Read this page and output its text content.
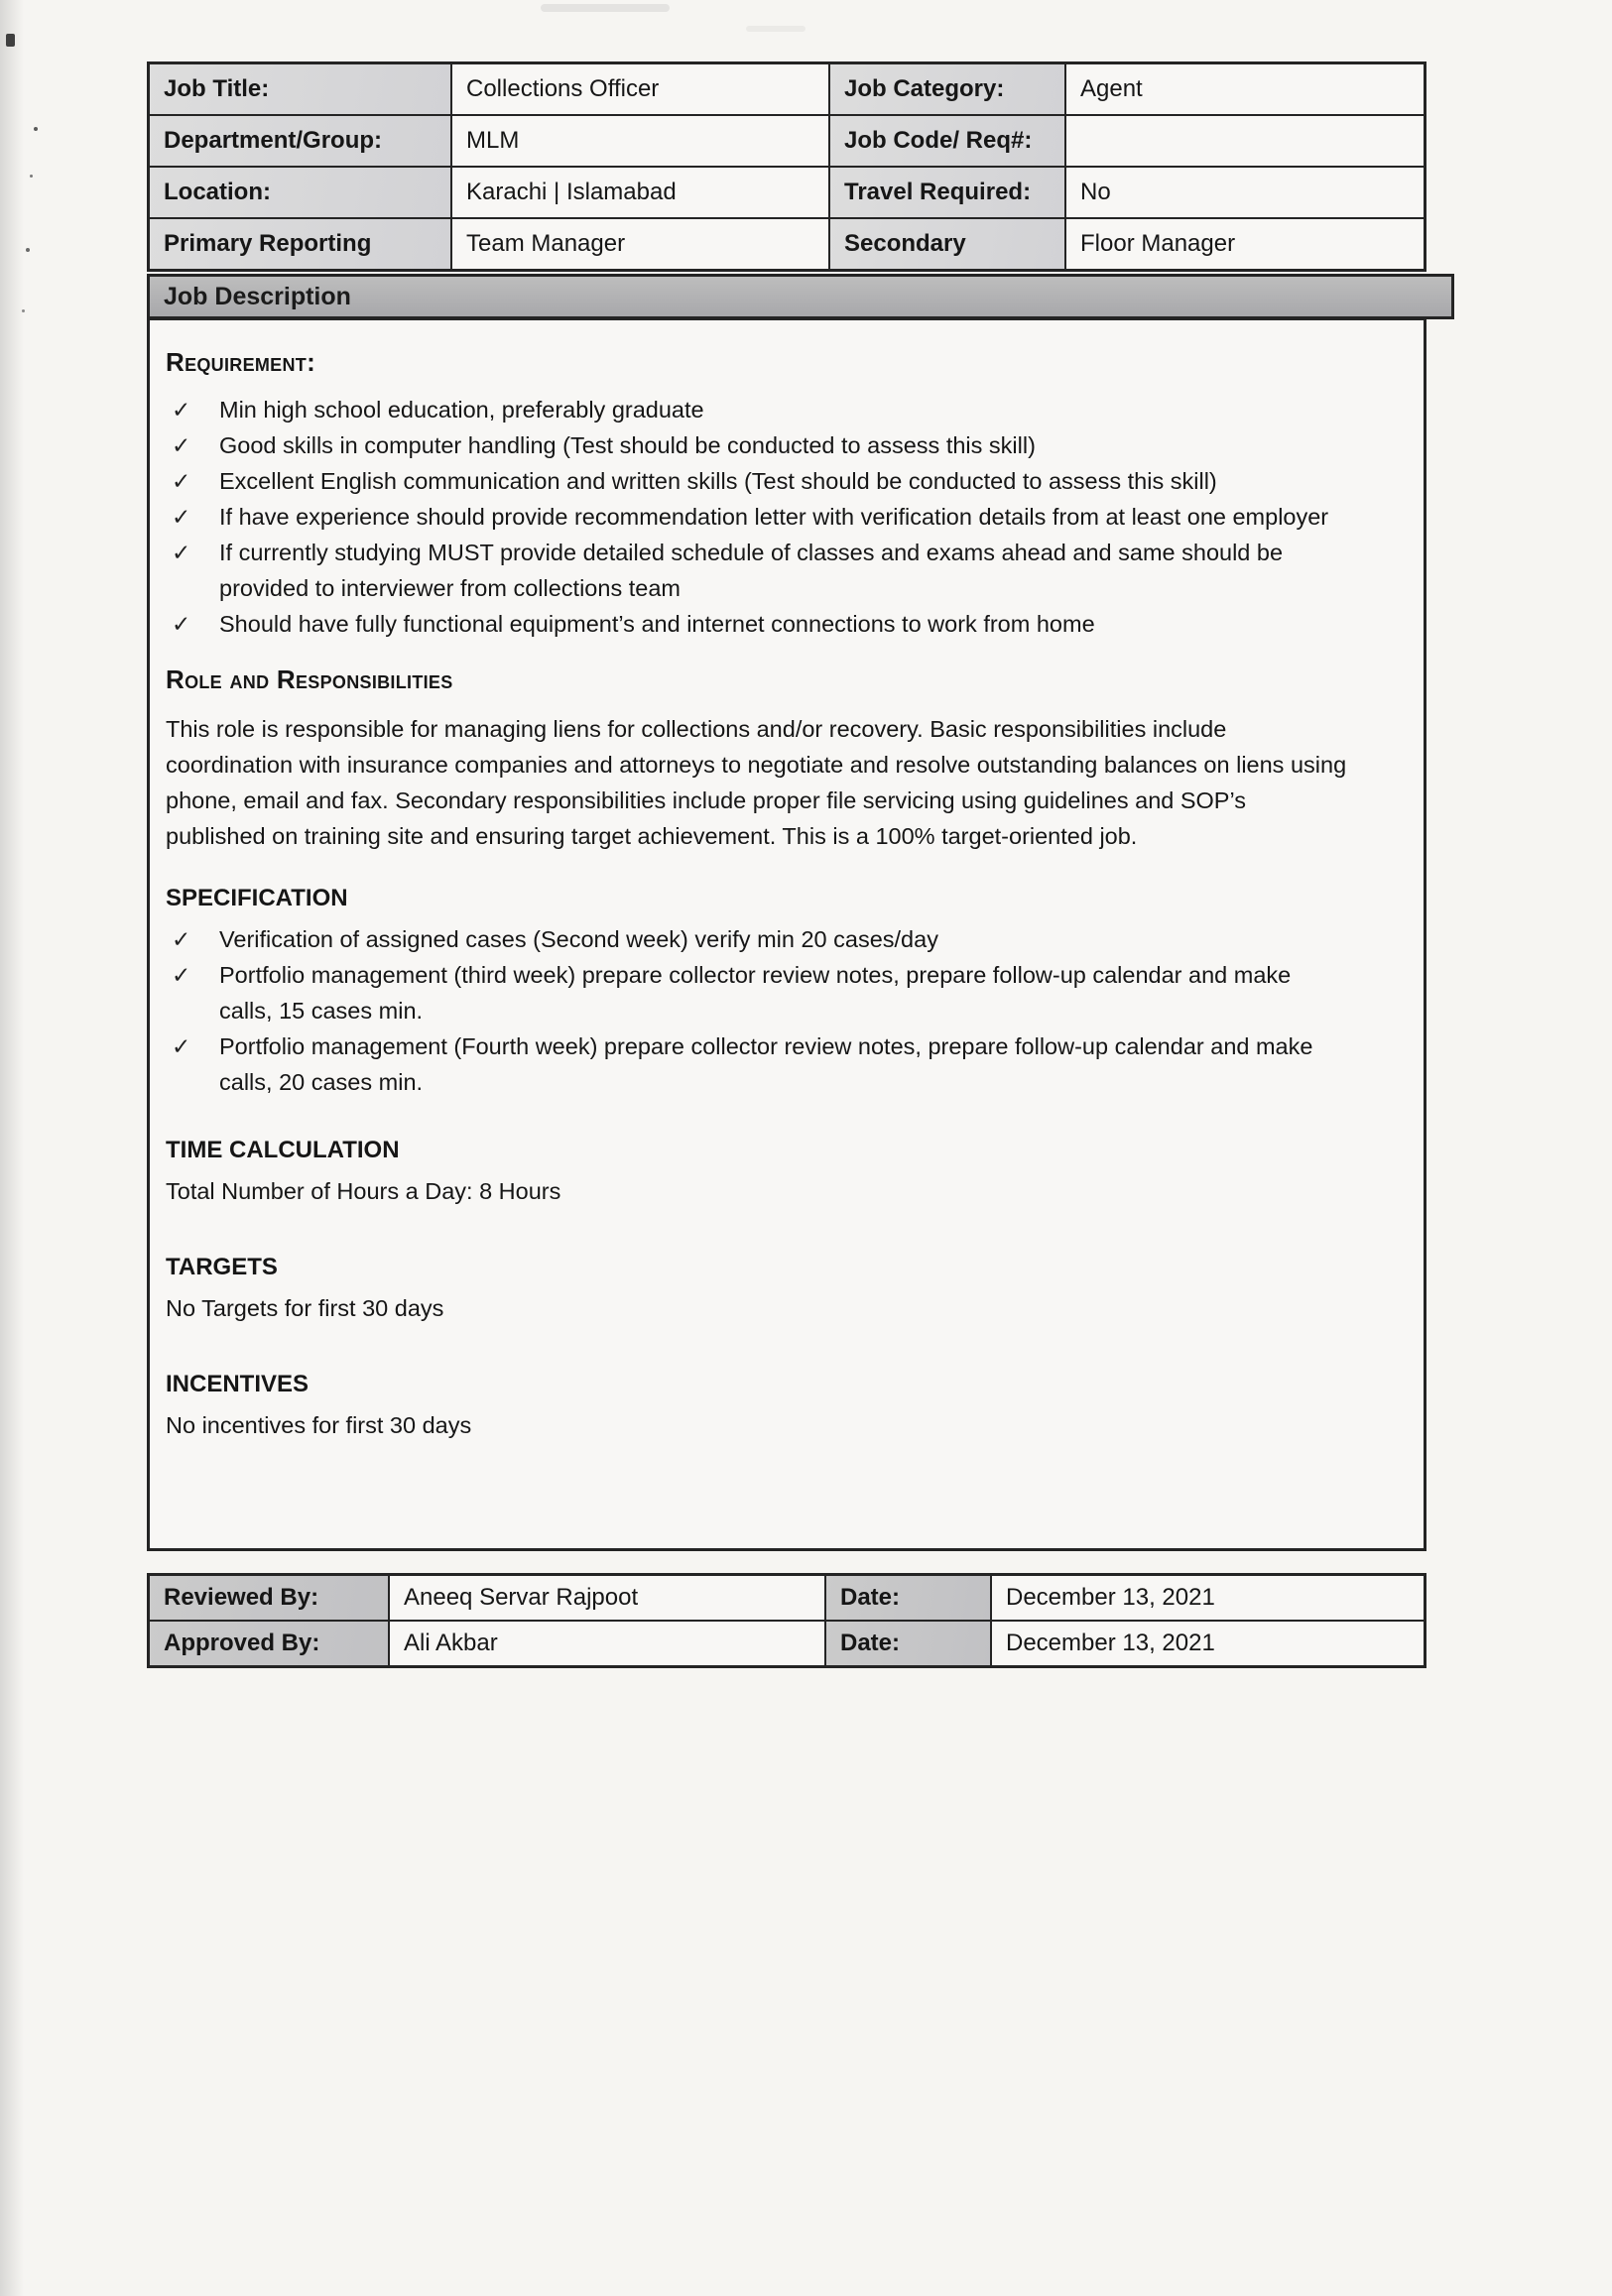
Job Title:	Collections Officer	Job Category:	Agent
Department/Group:	MLM	Job Code/ Req#:
Location:	Karachi | Islamabad	Travel Required:	No
Primary Reporting	Team Manager	Secondary	Floor Manager
Job Description
Requirement:
✓	Min high school education, preferably graduate
✓	Good skills in computer handling (Test should be conducted to assess this skill)
✓	Excellent English communication and written skills (Test should be conducted to assess this skill)
✓	If have experience should provide recommendation letter with verification details from at least one employer
✓	If currently studying MUST provide detailed schedule of classes and exams ahead and same should be provided to interviewer from collections team
✓	Should have fully functional equipment’s and internet connections to work from home
Role and Responsibilities

This role is responsible for managing liens for collections and/or recovery. Basic responsibilities include coordination with insurance companies and attorneys to negotiate and resolve outstanding balances on liens using phone, email and fax. Secondary responsibilities include proper file servicing using guidelines and SOP’s published on training site and ensuring target achievement. This is a 100% target-oriented job.

SPECIFICATION
✓	Verification of assigned cases (Second week) verify min 20 cases/day
✓	Portfolio management (third week) prepare collector review notes, prepare follow-up calendar and make calls, 15 cases min.
✓	Portfolio management (Fourth week) prepare collector review notes, prepare follow-up calendar and make calls, 20 cases min.
TIME CALCULATION
Total Number of Hours a Day: 8 Hours
TARGETS
No Targets for first 30 days
INCENTIVES
No incentives for first 30 days
Reviewed By:	Aneeq Servar Rajpoot	Date:	December 13, 2021
Approved By:	Ali Akbar	Date:	December 13, 2021
